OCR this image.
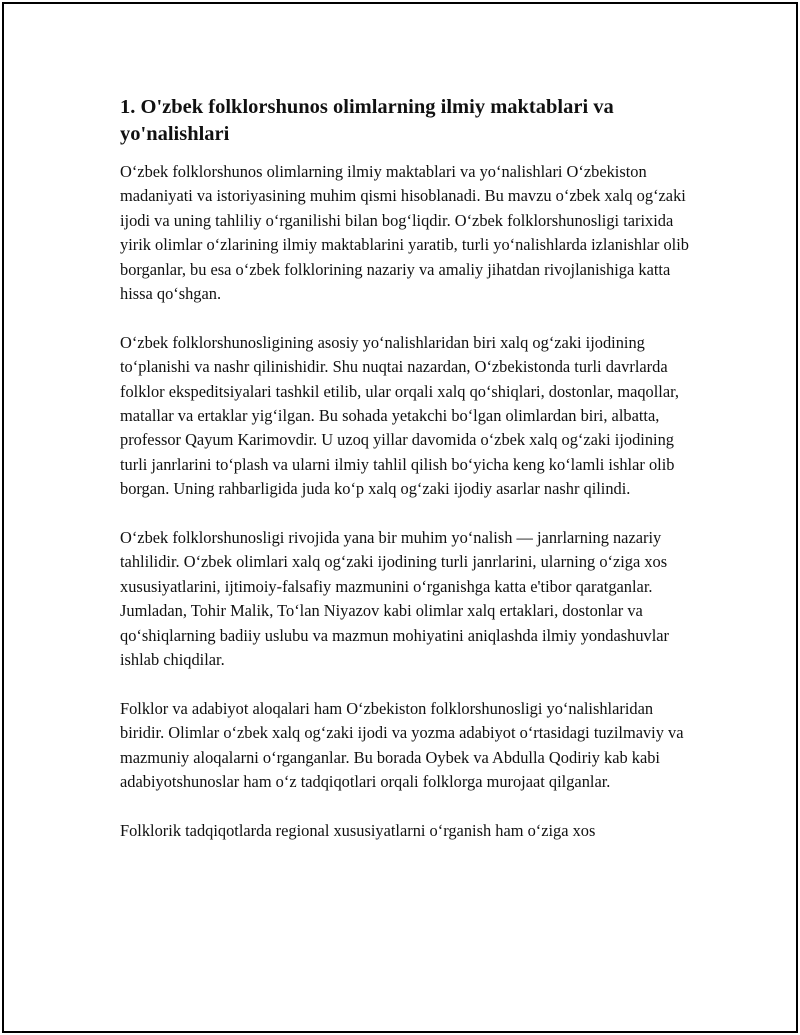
1. O'zbek folklorshunos olimlarning ilmiy maktablari va yo'nalishlari

O‘zbek folklorshunos olimlarning ilmiy maktablari va yo‘nalishlari O‘zbekiston madaniyati va istoriyasining muhim qismi hisoblanadi. Bu mavzu o‘zbek xalq og‘zaki ijodi va uning tahliliy o‘rganilishi bilan bog‘liqdir. O‘zbek folklorshunosligi tarixida yirik olimlar o‘zlarining ilmiy maktablarini yaratib, turli yo‘nalishlarda izlanishlar olib borganlar, bu esa o‘zbek folklorining nazariy va amaliy jihatdan rivojlanishiga katta hissa qo‘shgan.

O‘zbek folklorshunosligining asosiy yo‘nalishlaridan biri xalq og‘zaki ijodining to‘planishi va nashr qilinishidir. Shu nuqtai nazardan, O‘zbekistonda turli davrlarda folklor ekspeditsiyalari tashkil etilib, ular orqali xalq qo‘shiqlari, dostonlar, maqollar, matallar va ertaklar yig‘ilgan. Bu sohada yetakchi bo‘lgan olimlardan biri, albatta, professor Qayum Karimovdir. U uzoq yillar davomida o‘zbek xalq og‘zaki ijodining turli janrlarini to‘plash va ularni ilmiy tahlil qilish bo‘yicha keng ko‘lamli ishlar olib borgan. Uning rahbarligida juda ko‘p xalq og‘zaki ijodiy asarlar nashr qilindi.

O‘zbek folklorshunosligi rivojida yana bir muhim yo‘nalish — janrlarning nazariy tahlilidir. O‘zbek olimlari xalq og‘zaki ijodining turli janrlarini, ularning o‘ziga xos xususiyatlarini, ijtimoiy-falsafiy mazmunini o‘rganishga katta e'tibor qaratganlar. Jumladan, Tohir Malik, To‘lan Niyazov kabi olimlar xalq ertaklari, dostonlar va qo‘shiqlarning badiiy uslubu va mazmun mohiyatini aniqlashda ilmiy yondashuvlar ishlab chiqdilar.

Folklor va adabiyot aloqalari ham O‘zbekiston folklorshunosligi yo‘nalishlaridan biridir. Olimlar o‘zbek xalq og‘zaki ijodi va yozma adabiyot o‘rtasidagi tuzilmaviy va mazmuniy aloqalarni o‘rganganlar. Bu borada Oybek va Abdulla Qodiriy kab kabi adabiyotshunoslar ham o‘z tadqiqotlari orqali folklorga murojaat qilganlar.

Folklorik tadqiqotlarda regional xususiyatlarni o‘rganish ham o‘ziga xos
